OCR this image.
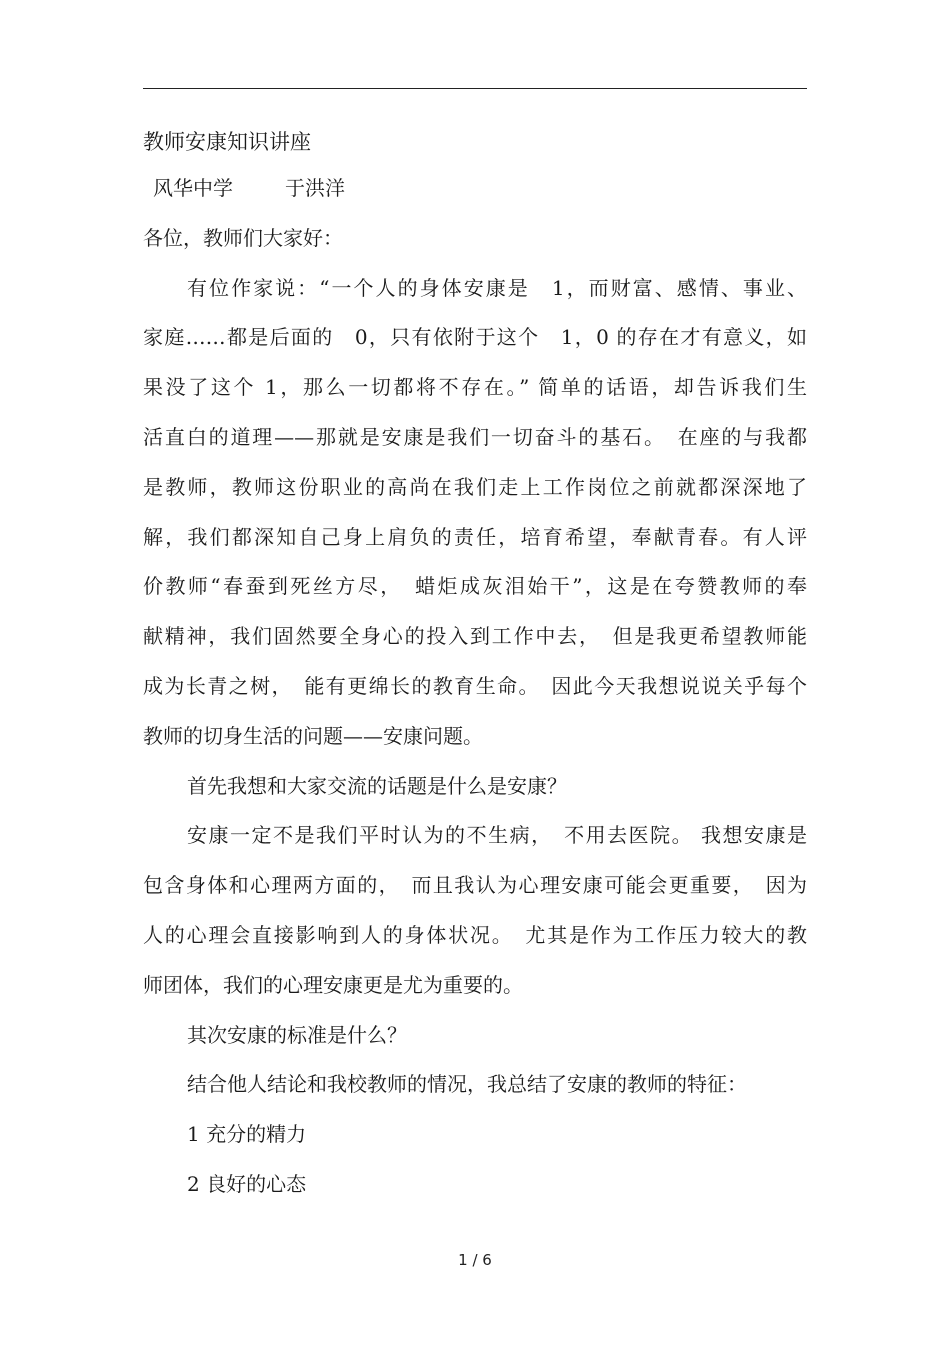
教师安康知识讲座
风华中学	于洪洋
各位，教师们大家好：
有位作家说：“一个人的身体安康是　1，而财富、感情、事业、
家庭……都是后面的　0，只有依附于这个　1，0 的存在才有意义，如
果没了这个 1，那么一切都将不存在。” 简单的话语，却告诉我们生
活直白的道理——那就是安康是我们一切奋斗的基石。　在座的与我都
是教师，教师这份职业的高尚在我们走上工作岗位之前就都深深地了
解，我们都深知自己身上肩负的责任，培育希望，奉献青春。有人评
价教师“春蚕到死丝方尽，　蜡炬成灰泪始干”，这是在夸赞教师的奉
献精神，我们固然要全身心的投入到工作中去，　但是我更希望教师能
成为长青之树，　能有更绵长的教育生命。　因此今天我想说说关乎每个
教师的切身生活的问题——安康问题。
首先我想和大家交流的话题是什么是安康？
安康一定不是我们平时认为的不生病，　不用去医院。 我想安康是
包含身体和心理两方面的，　而且我认为心理安康可能会更重要，　因为
人的心理会直接影响到人的身体状况。　尤其是作为工作压力较大的教
师团体，我们的心理安康更是尤为重要的。
其次安康的标准是什么？
结合他人结论和我校教师的情况，我总结了安康的教师的特征：
1 充分的精力
2 良好的心态
1 / 6
